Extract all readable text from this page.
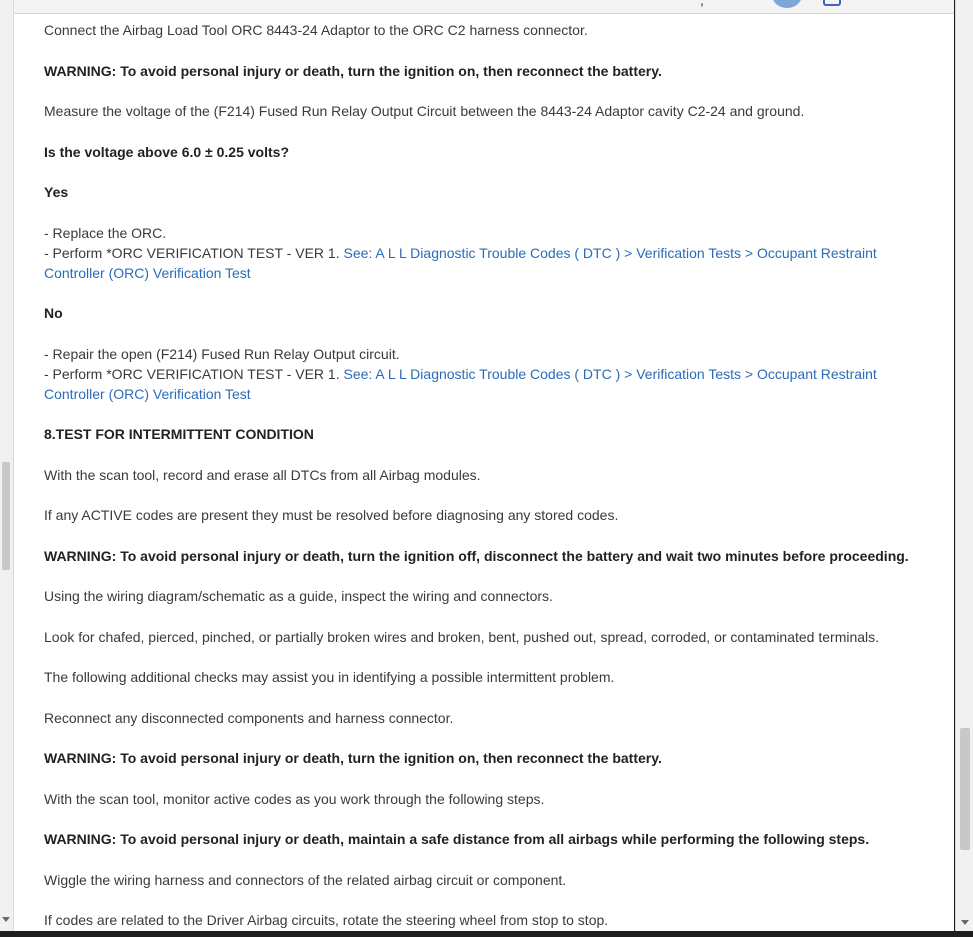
,

Connect the Airbag Load Tool ORC 8443-24 Adaptor to the ORC C2 harness connector.

WARNING: To avoid personal injury or death, turn the ignition on, then reconnect the battery.

Measure the voltage of the (F214) Fused Run Relay Output Circuit between the 8443-24 Adaptor cavity C2-24 and ground.

Is the voltage above 6.0 ± 0.25 volts?

Yes

- Replace the ORC.
- Perform *ORC VERIFICATION TEST - VER 1. See: A L L Diagnostic Trouble Codes ( DTC ) > Verification Tests > Occupant Restraint Controller (ORC) Verification Test

No

- Repair the open (F214) Fused Run Relay Output circuit.
- Perform *ORC VERIFICATION TEST - VER 1. See: A L L Diagnostic Trouble Codes ( DTC ) > Verification Tests > Occupant Restraint Controller (ORC) Verification Test

8.TEST FOR INTERMITTENT CONDITION

With the scan tool, record and erase all DTCs from all Airbag modules.

If any ACTIVE codes are present they must be resolved before diagnosing any stored codes.

WARNING: To avoid personal injury or death, turn the ignition off, disconnect the battery and wait two minutes before proceeding.

Using the wiring diagram/schematic as a guide, inspect the wiring and connectors.

Look for chafed, pierced, pinched, or partially broken wires and broken, bent, pushed out, spread, corroded, or contaminated terminals.

The following additional checks may assist you in identifying a possible intermittent problem.

Reconnect any disconnected components and harness connector.

WARNING: To avoid personal injury or death, turn the ignition on, then reconnect the battery.

With the scan tool, monitor active codes as you work through the following steps.

WARNING: To avoid personal injury or death, maintain a safe distance from all airbags while performing the following steps.

Wiggle the wiring harness and connectors of the related airbag circuit or component.

If codes are related to the Driver Airbag circuits, rotate the steering wheel from stop to stop.
